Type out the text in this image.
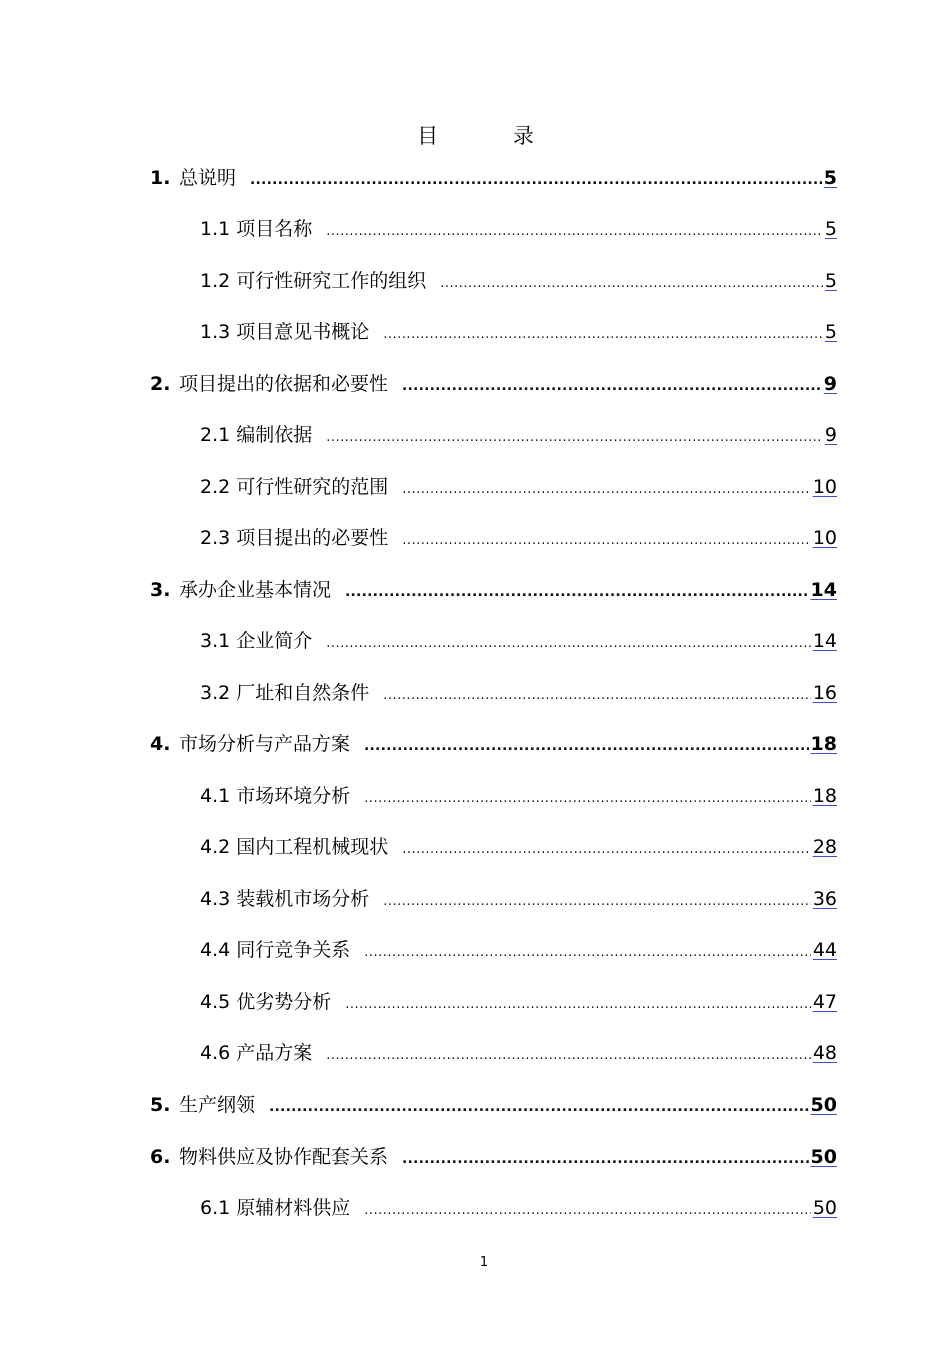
目 录
1. 总说明 .....	5
1.1 项目名称 .....	5
1.2 可行性研究工作的组织 .....	5
1.3 项目意见书概论 .....	5
2. 项目提出的依据和必要性 .....	9
2.1 编制依据 .....	9
2.2 可行性研究的范围 .....	10
2.3 项目提出的必要性 .....	10
3. 承办企业基本情况 .....	14
3.1 企业简介 .....	14
3.2 厂址和自然条件 .....	16
4. 市场分析与产品方案 .....	18
4.1 市场环境分析 .....	18
4.2 国内工程机械现状 .....	28
4.3 装载机市场分析 .....	36
4.4 同行竞争关系 .....	44
4.5 优劣势分析 .....	47
4.6 产品方案 .....	48
5. 生产纲领 .....	50
6. 物料供应及协作配套关系 .....	50
6.1 原辅材料供应 .....	50
1
